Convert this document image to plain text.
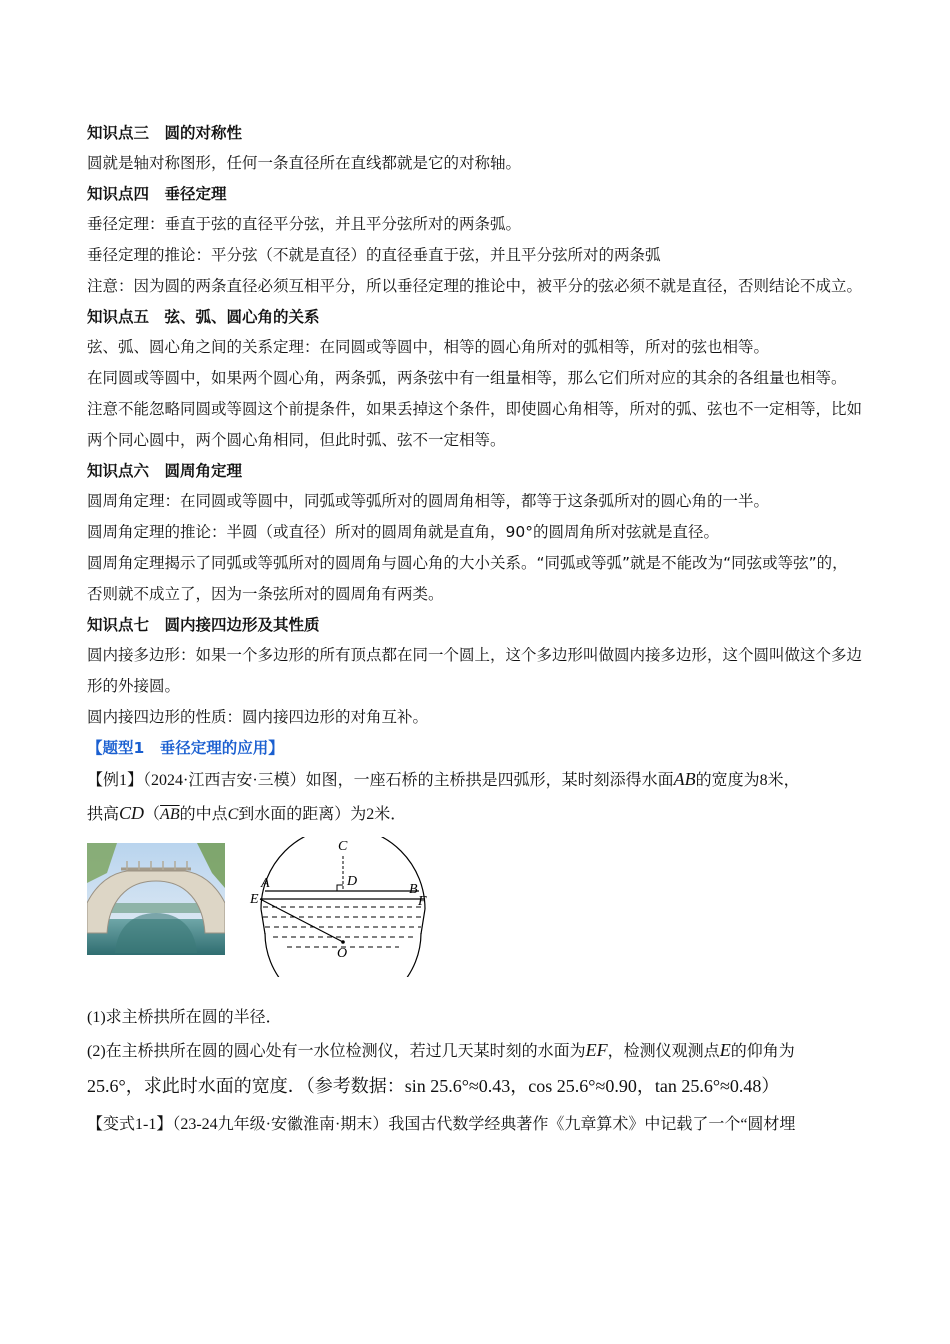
知识点三　圆的对称性

圆就是轴对称图形，任何一条直径所在直线都就是它的对称轴。

知识点四　垂径定理

垂径定理：垂直于弦的直径平分弦，并且平分弦所对的两条弧。

垂径定理的推论：平分弦（不就是直径）的直径垂直于弦，并且平分弦所对的两条弧

注意：因为圆的两条直径必须互相平分，所以垂径定理的推论中，被平分的弦必须不就是直径，否则结论不成立。

知识点五　弦、弧、圆心角的关系

弦、弧、圆心角之间的关系定理：在同圆或等圆中，相等的圆心角所对的弧相等，所对的弦也相等。

在同圆或等圆中，如果两个圆心角，两条弧，两条弦中有一组量相等，那么它们所对应的其余的各组量也相等。

注意不能忽略同圆或等圆这个前提条件，如果丢掉这个条件，即使圆心角相等，所对的弧、弦也不一定相等，比如两个同心圆中，两个圆心角相同，但此时弧、弦不一定相等。

知识点六　圆周角定理

圆周角定理：在同圆或等圆中，同弧或等弧所对的圆周角相等，都等于这条弧所对的圆心角的一半。

圆周角定理的推论：半圆（或直径）所对的圆周角就是直角，90°的圆周角所对弦就是直径。

圆周角定理揭示了同弧或等弧所对的圆周角与圆心角的大小关系。“同弧或等弧”就是不能改为“同弦或等弦”的，否则就不成立了，因为一条弦所对的圆周角有两类。

知识点七　圆内接四边形及其性质

圆内接多边形：如果一个多边形的所有顶点都在同一个圆上，这个多边形叫做圆内接多边形，这个圆叫做这个多边形的外接圆。

圆内接四边形的性质：圆内接四边形的对角互补。

【题型1　垂径定理的应用】

【例1】（2024·江西吉安·三模）如图，一座石桥的主桥拱是四弧形，某时刻添得水面AB的宽度为8米，

拱高$CD(\overline{AB}$的中点C到水面的距离）为2米．

C
D
A	B
E	F
O

(1)求主桥拱所在圆的半径．

(2)在主桥拱所在圆的圆心处有一水位检测仪，若过几天某时刻的水面为EF，检测仪观测点E的仰角为

25.6°，求此时水面的宽度．（参考数据：sin 25.6°≈0.43，cos 25.6°≈0.90，tan 25.6°≈0.48）

【变式1-1】（23-24九年级·安徽淮南·期末）我国古代数学经典著作《九章算术》中记载了一个“圆材埋
